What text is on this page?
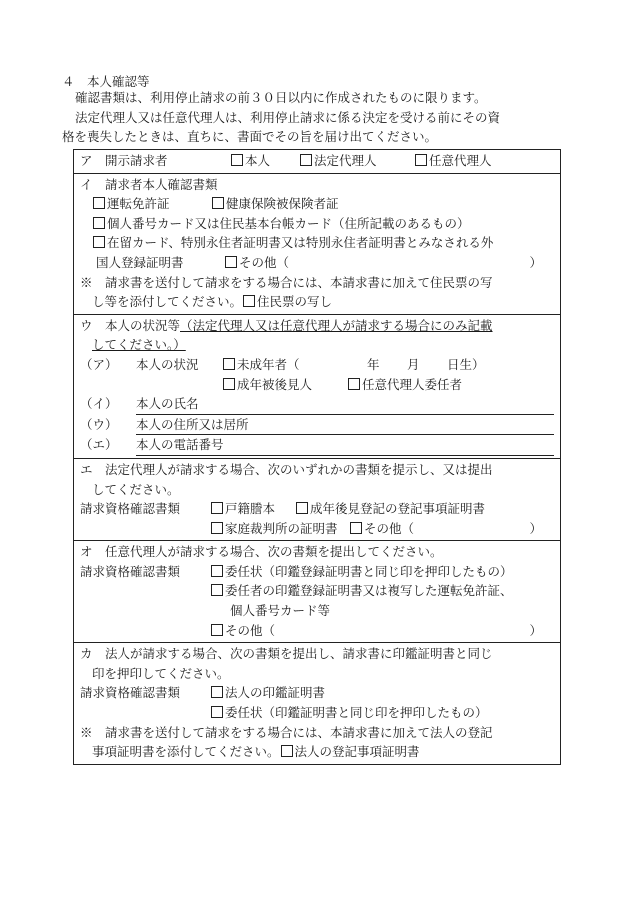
４　本人確認等

確認書類は、利用停止請求の前３０日以内に作成されたものに限ります。

法定代理人又は任意代理人は、利用停止請求に係る決定を受ける前にその資

格を喪失したときは、直ちに、書面でその旨を届け出てください。

ア　開示請求者	本人	法定代理人	任意代理人

イ　請求者本人確認書類
運転免許証	健康保険被保険者証
個人番号カード又は住民基本台帳カード（住所記載のあるもの）
在留カード、特別永住者証明書又は特別永住者証明書とみなされる外
国人登録証明書	その他（	）
※　請求書を送付して請求をする場合には、本請求書に加えて住民票の写
し等を添付してください。 住民票の写し

ウ　本人の状況等（法定代理人又は任意代理人が請求する場合にのみ記載
してください。）
（ア） 本人の状況	未成年者（	年 月 日生）
成年被後見人	任意代理人委任者
（イ） 本人の氏名
（ウ） 本人の住所又は居所
（エ） 本人の電話番号

エ　法定代理人が請求する場合、次のいずれかの書類を提示し、又は提出
してください。
請求資格確認書類	戸籍謄本	成年後見登記の登記事項証明書
家庭裁判所の証明書 その他（	）

オ　任意代理人が請求する場合、次の書類を提出してください。
請求資格確認書類	委任状（印鑑登録証明書と同じ印を押印したもの）
委任者の印鑑登録証明書又は複写した運転免許証、
個人番号カード等
その他（	）

カ　法人が請求する場合、次の書類を提出し、請求書に印鑑証明書と同じ
印を押印してください。
請求資格確認書類	法人の印鑑証明書
委任状（印鑑証明書と同じ印を押印したもの）
※　請求書を送付して請求をする場合には、本請求書に加えて法人の登記
事項証明書を添付してください。 法人の登記事項証明書
